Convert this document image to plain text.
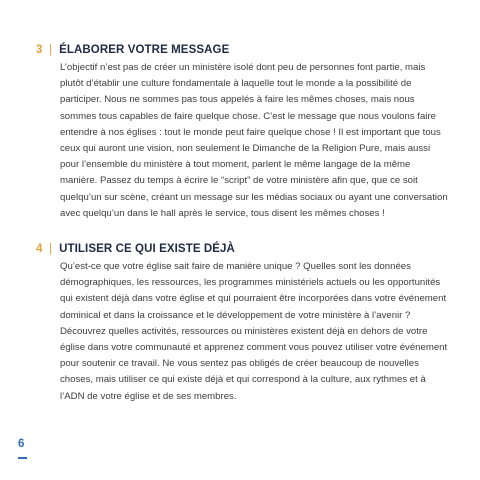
3 | ÉLABORER VOTRE MESSAGE
L’objectif n’est pas de créer un ministère isolé dont peu de personnes font partie, mais plutôt d’établir une culture fondamentale à laquelle tout le monde a la possibilité de participer. Nous ne sommes pas tous appelés à faire les mêmes choses, mais nous sommes tous capables de faire quelque chose. C’est le message que nous voulons faire entendre à nos églises : tout le monde peut faire quelque chose ! Il est important que tous ceux qui auront une vision, non seulement le Dimanche de la Religion Pure, mais aussi pour l’ensemble du ministère à tout moment, parlent le même langage de la même manière. Passez du temps à écrire le “script” de votre ministère afin que, que ce soit quelqu’un sur scène, créant un message sur les médias sociaux ou ayant une conversation avec quelqu’un dans le hall après le service, tous disent les mêmes choses !
4 | UTILISER CE QUI EXISTE DÉJÀ
Qu’est-ce que votre église sait faire de manière unique ? Quelles sont les données démographiques, les ressources, les programmes ministériels actuels ou les opportunités qui existent déjà dans votre église et qui pourraient être incorporées dans votre événement dominical et dans la croissance et le développement de votre ministère à l’avenir ? Découvrez quelles activités, ressources ou ministères existent déjà en dehors de votre église dans votre communauté et apprenez comment vous pouvez utiliser votre événement pour soutenir ce travail. Ne vous sentez pas obligés de créer beaucoup de nouvelles choses, mais utiliser ce qui existe déjà et qui correspond à la culture, aux rythmes et à l’ADN de votre église et de ses membres.
6
